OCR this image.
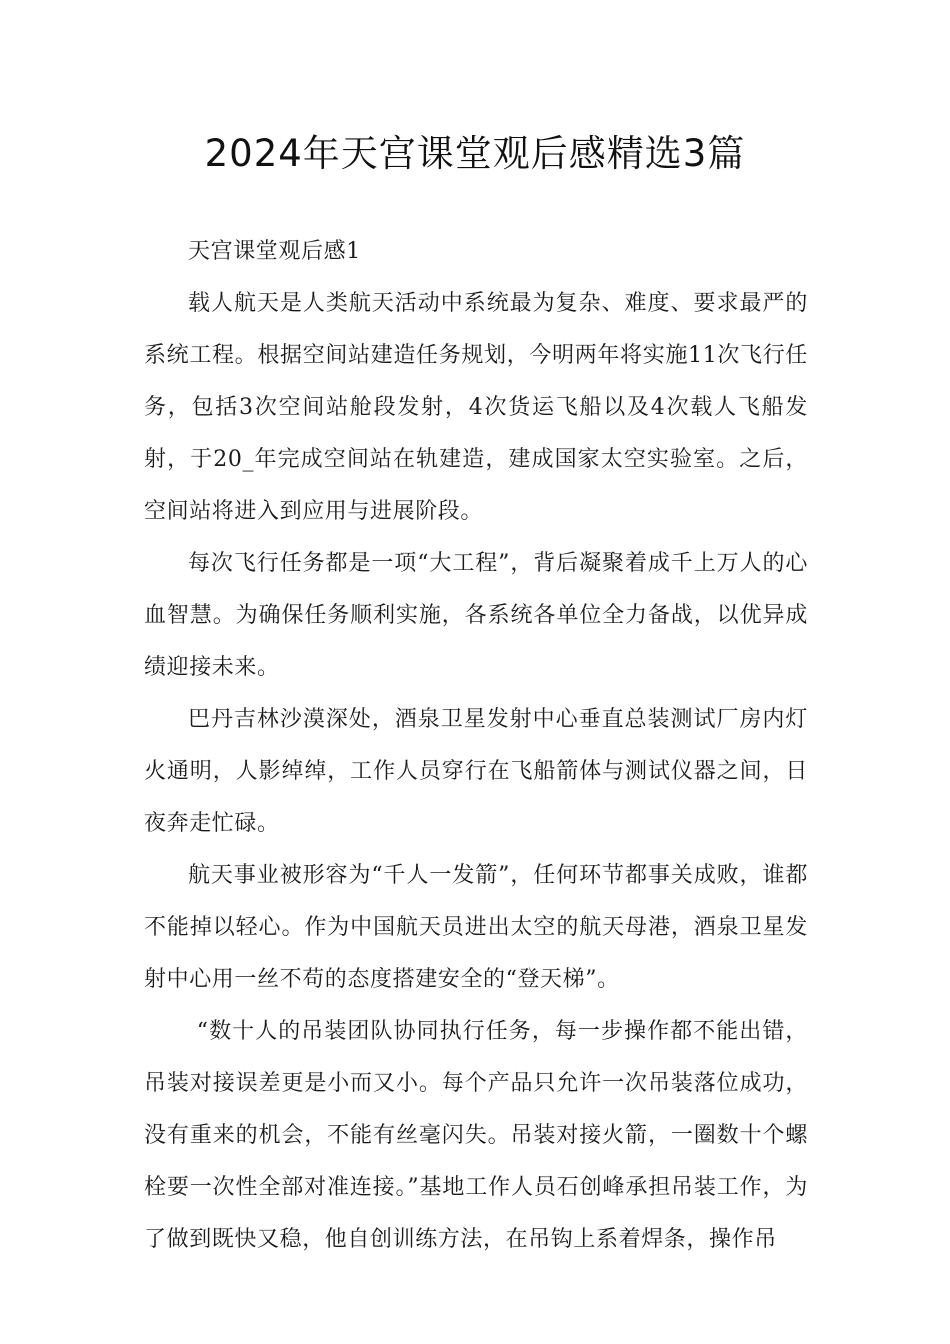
2024年天宫课堂观后感精选3篇

天宫课堂观后感1

载人航天是人类航天活动中系统最为复杂、难度、要求最严的系统工程。根据空间站建造任务规划，今明两年将实施11次飞行任务，包括3次空间站舱段发射，4次货运飞船以及4次载人飞船发射，于20_年完成空间站在轨建造，建成国家太空实验室。之后，空间站将进入到应用与进展阶段。

每次飞行任务都是一项“大工程”，背后凝聚着成千上万人的心血智慧。为确保任务顺利实施，各系统各单位全力备战，以优异成绩迎接未来。

巴丹吉林沙漠深处，酒泉卫星发射中心垂直总装测试厂房内灯火通明，人影绰绰，工作人员穿行在飞船箭体与测试仪器之间，日夜奔走忙碌。

航天事业被形容为“千人一发箭”，任何环节都事关成败，谁都不能掉以轻心。作为中国航天员进出太空的航天母港，酒泉卫星发射中心用一丝不苟的态度搭建安全的“登天梯”。

“数十人的吊装团队协同执行任务，每一步操作都不能出错，吊装对接误差更是小而又小。每个产品只允许一次吊装落位成功，没有重来的机会，不能有丝毫闪失。吊装对接火箭，一圈数十个螺栓要一次性全部对准连接。”基地工作人员石创峰承担吊装工作，为了做到既快又稳，他自创训练方法，在吊钩上系着焊条，操作吊
